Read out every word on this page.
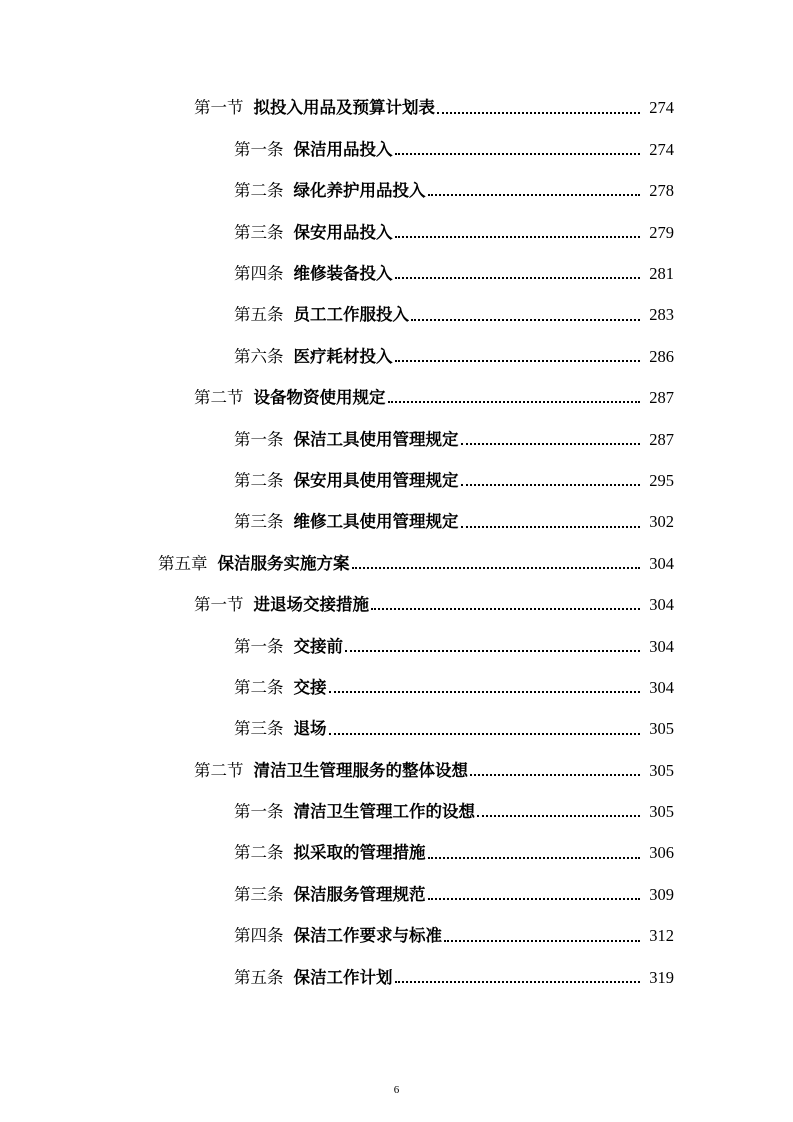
第一节 拟投入用品及预算计划表	274
第一条 保洁用品投入	274
第二条 绿化养护用品投入	278
第三条 保安用品投入	279
第四条 维修装备投入	281
第五条 员工工作服投入	283
第六条 医疗耗材投入	286
第二节 设备物资使用规定	287
第一条 保洁工具使用管理规定	287
第二条 保安用具使用管理规定	295
第三条 维修工具使用管理规定	302
第五章 保洁服务实施方案	304
第一节 进退场交接措施	304
第一条 交接前	304
第二条 交接	304
第三条 退场	305
第二节 清洁卫生管理服务的整体设想	305
第一条 清洁卫生管理工作的设想	305
第二条 拟采取的管理措施	306
第三条 保洁服务管理规范	309
第四条 保洁工作要求与标准	312
第五条 保洁工作计划	319
6
